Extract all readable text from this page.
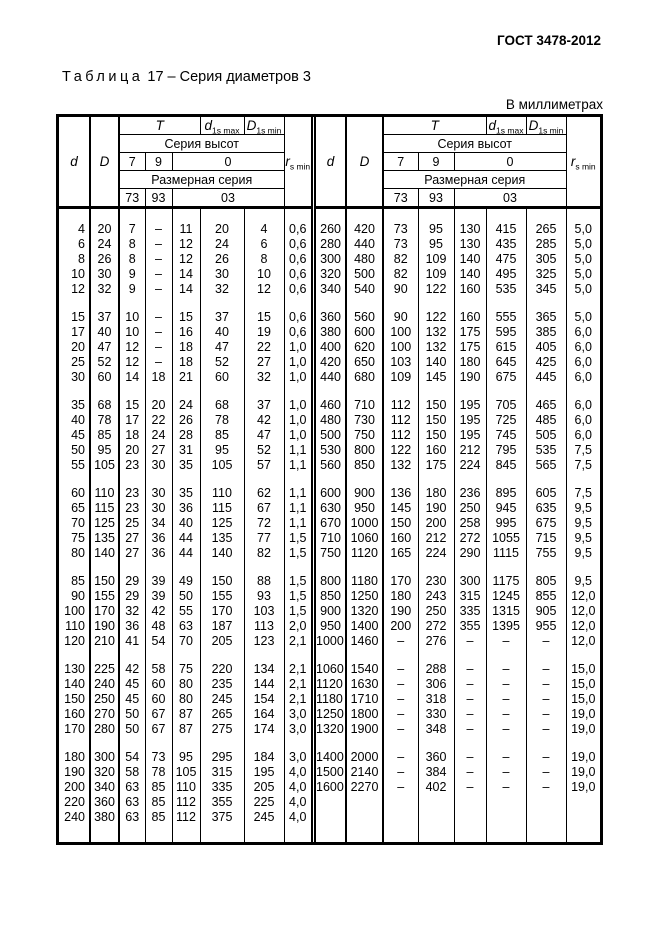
ГОСТ 3478-2012
Таблица 17 – Серия диаметров 3
В миллиметрах
d	D	T			$d_{1s max}$	$D_{1s min}$	$r_{s min}$
		Серия высот					
		7	9	0			
		Размерная серия					
		73	93	03			

4	20	7	–	11	20	4	0,6
6	24	8	–	12	24	6	0,6
8	26	8	–	12	26	8	0,6
10	30	9	–	14	30	10	0,6
12	32	9	–	14	32	12	0,6

15	37	10	–	15	37	15	0,6
17	40	10	–	16	40	19	0,6
20	47	12	–	18	47	22	1,0
25	52	12	–	18	52	27	1,0
30	60	14	18	21	60	32	1,0

35	68	15	20	24	68	37	1,0
40	78	17	22	26	78	42	1,0
45	85	18	24	28	85	47	1,0
50	95	20	27	31	95	52	1,1
55	105	23	30	35	105	57	1,1

60	110	23	30	35	110	62	1,1
65	115	23	30	36	115	67	1,1
70	125	25	34	40	125	72	1,1
75	135	27	36	44	135	77	1,5
80	140	27	36	44	140	82	1,5

85	150	29	39	49	150	88	1,5
90	155	29	39	50	155	93	1,5
100	170	32	42	55	170	103	1,5
110	190	36	48	63	187	113	2,0
120	210	41	54	70	205	123	2,1

130	225	42	58	75	220	134	2,1
140	240	45	60	80	235	144	2,1
150	250	45	60	80	245	154	2,1
160	270	50	67	87	265	164	3,0
170	280	50	67	87	275	174	3,0

180	300	54	73	95	295	184	3,0
190	320	58	78	105	315	195	4,0
200	340	63	85	110	335	205	4,0
220	360	63	85	112	355	225	4,0
240	380	63	85	112	375	245	4,0

d	D	T			$d_{1s max}$	$D_{1s min}$	$r_{s min}$
		Серия высот					
		7	9	0			
		Размерная серия					
		73	93	03			

260	420	73	95	130	415	265	5,0
280	440	73	95	130	435	285	5,0
300	480	82	109	140	475	305	5,0
320	500	82	109	140	495	325	5,0
340	540	90	122	160	535	345	5,0

360	560	90	122	160	555	365	5,0
380	600	100	132	175	595	385	6,0
400	620	100	132	175	615	405	6,0
420	650	103	140	180	645	425	6,0
440	680	109	145	190	675	445	6,0

460	710	112	150	195	705	465	6,0
480	730	112	150	195	725	485	6,0
500	750	112	150	195	745	505	6,0
530	800	122	160	212	795	535	7,5
560	850	132	175	224	845	565	7,5

600	900	136	180	236	895	605	7,5
630	950	145	190	250	945	635	9,5
670	1000	150	200	258	995	675	9,5
710	1060	160	212	272	1055	715	9,5
750	1120	165	224	290	1115	755	9,5

800	1180	170	230	300	1175	805	9,5
850	1250	180	243	315	1245	855	12,0
900	1320	190	250	335	1315	905	12,0
950	1400	200	272	355	1395	955	12,0
1000	1460	–	276	–	–	–	12,0

1060	1540	–	288	–	–	–	15,0
1120	1630	–	306	–	–	–	15,0
1180	1710	–	318	–	–	–	15,0
1250	1800	–	330	–	–	–	19,0
1320	1900	–	348	–	–	–	19,0

1400	2000	–	360	–	–	–	19,0
1500	2140	–	384	–	–	–	19,0
1600	2270	–	402	–	–	–	19,0
